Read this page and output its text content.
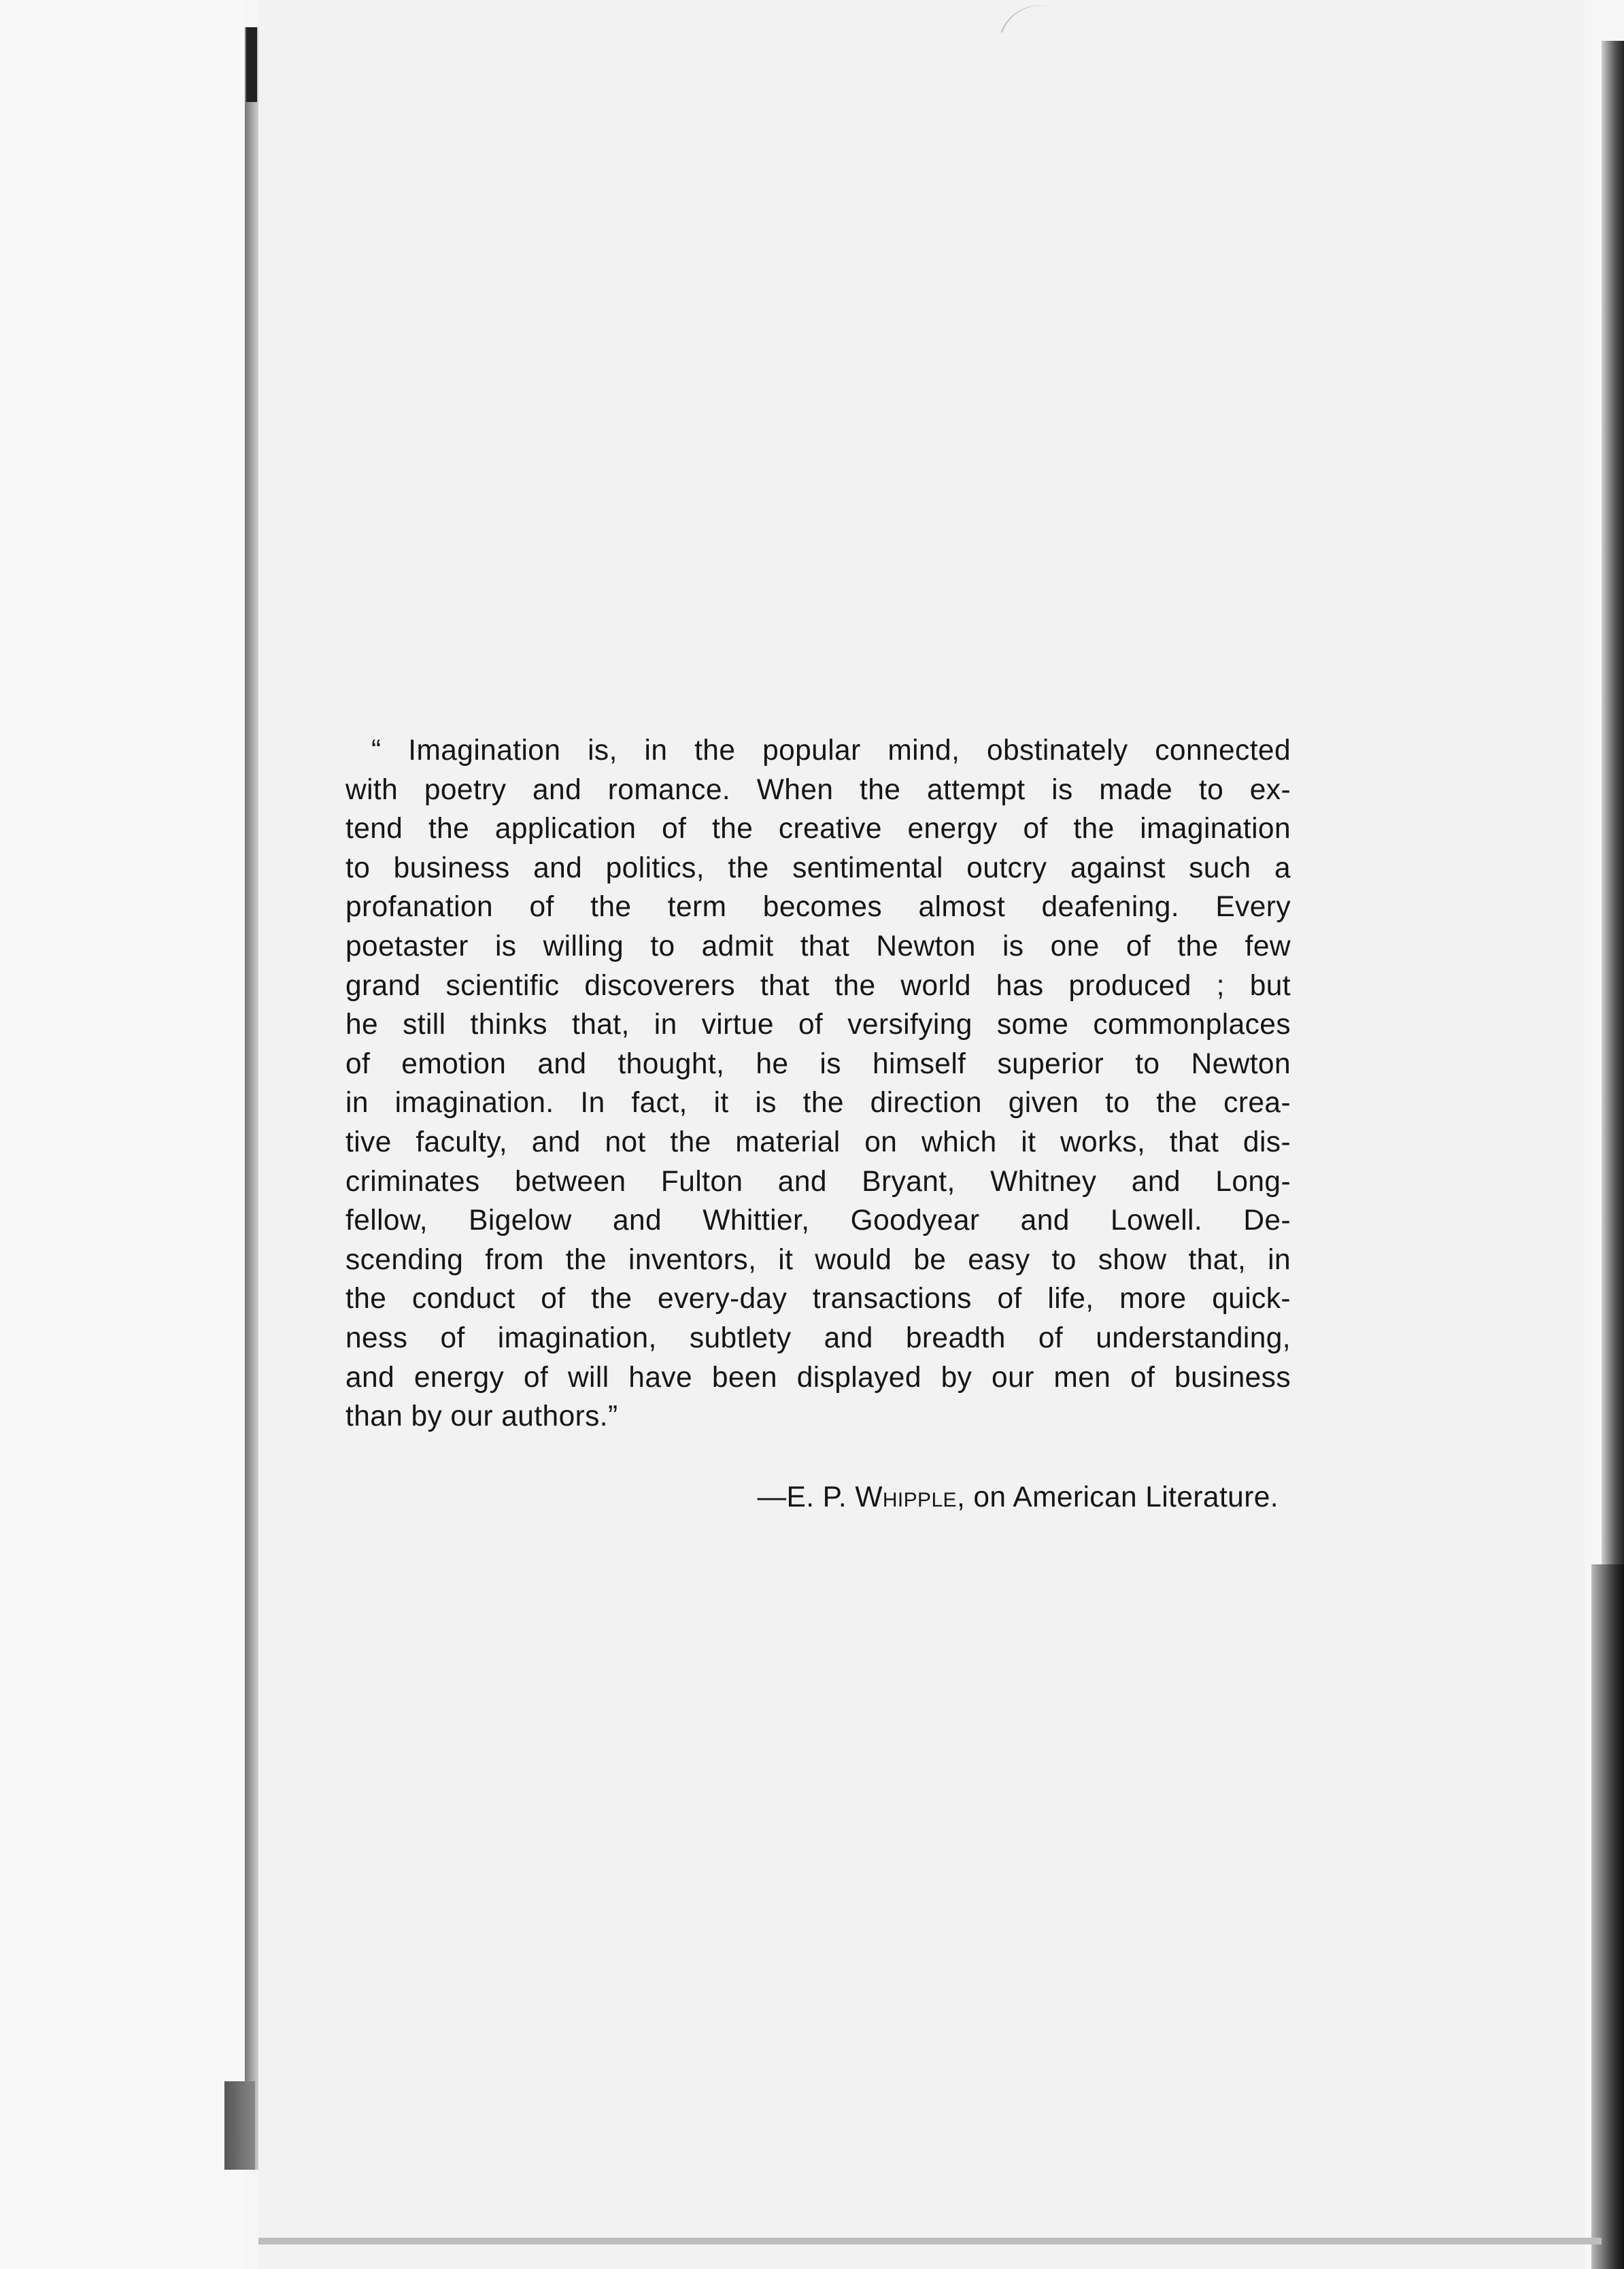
“ Imagination is, in the popular mind, obstinately connected
with poetry and romance. When the attempt is made to ex-
tend the application of the creative energy of the imagination
to business and politics, the sentimental outcry against such a
profanation of the term becomes almost deafening. Every
poetaster is willing to admit that Newton is one of the few
grand scientific discoverers that the world has produced ; but
he still thinks that, in virtue of versifying some commonplaces
of emotion and thought, he is himself superior to Newton
in imagination. In fact, it is the direction given to the crea-
tive faculty, and not the material on which it works, that dis-
criminates between Fulton and Bryant, Whitney and Long-
fellow, Bigelow and Whittier, Goodyear and Lowell. De-
scending from the inventors, it would be easy to show that, in
the conduct of the every-day transactions of life, more quick-
ness of imagination, subtlety and breadth of understanding,
and energy of will have been displayed by our men of business
than by our authors.”
—E. P. Whipple, on American Literature.
